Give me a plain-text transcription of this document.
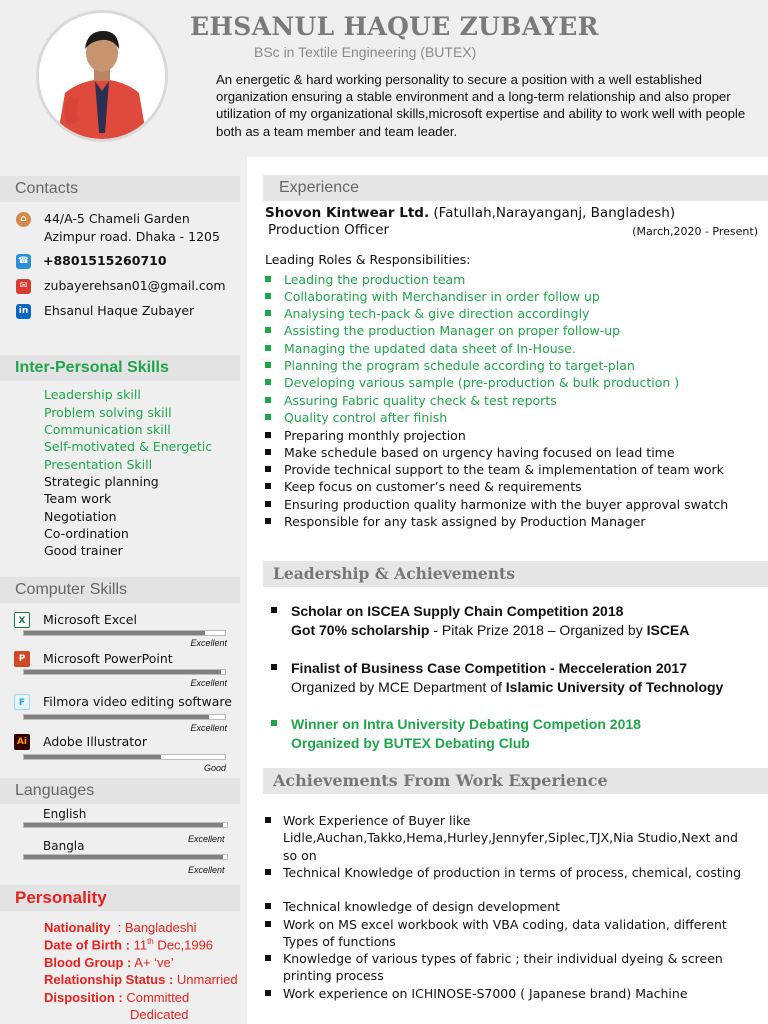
EHSANUL HAQUE ZUBAYER
BSc in Textile Engineering (BUTEX)
An energetic & hard working personality to secure a position with a well established organization ensuring a stable environment and a long-term relationship and also proper utilization of my organizational skills,microsoft expertise and ability to work well with people both as a team member and team leader.
Contacts
⌂	44/A-5 Chameli Garden
Azimpur road. Dhaka - 1205
☎ +8801515260710
✉ zubayerehsan01@gmail.com
in Ehsanul Haque Zubayer
Inter-Personal Skills
Leadership skill
Problem solving skill
Communication skill
Self-motivated & Energetic
Presentation Skill
Strategic planning
Team work
Negotiation
Co-ordination
Good trainer
Computer Skills
X	Microsoft Excel
Excellent
P	Microsoft PowerPoint
Excellent
F	Filmora video editing software
Excellent
Ai Adobe Illustrator
Good
Languages
English
Excellent
Bangla
Excellent
Personality
Nationality  : Bangladeshi
Date of Birth : 11th Dec,1996
Blood Group : A+ ‘ve’
Relationship Status : Unmarried
Disposition : Committed
Dedicated
Experience
Shovon Kintwear Ltd. (Fatullah,Narayanganj, Bangladesh)
Production Officer	(March,2020 - Present)
Leading Roles & Responsibilities:
Leading the production team
Collaborating with Merchandiser in order follow up
Analysing tech-pack & give direction accordingly
Assisting the production Manager on proper follow-up
Managing the updated data sheet of In-House.
Planning the program schedule according to target-plan
Developing various sample (pre-production & bulk production )
Assuring Fabric quality check & test reports
Quality control after finish
Preparing monthly projection
Make schedule based on urgency having focused on lead time
Provide technical support to the team & implementation of team work
Keep focus on customer’s need & requirements
Ensuring production quality harmonize with the buyer approval swatch
Responsible for any task assigned by Production Manager
Leadership & Achievements
Scholar on ISCEA Supply Chain Competition 2018
Got 70% scholarship - Pitak Prize 2018 – Organized by ISCEA
Finalist of Business Case Competition - Mecceleration 2017
Organized by MCE Department of Islamic University of Technology
Winner on Intra University Debating Competion 2018
Organized by BUTEX Debating Club
Achievements From Work Experience
Work Experience of Buyer like Lidle,Auchan,Takko,Hema,Hurley,Jennyfer,Siplec,TJX,Nia Studio,Next and so on
Technical Knowledge of production in terms of process, chemical, costing
Technical knowledge of design development
Work on MS excel workbook with VBA coding, data validation, different Types of functions
Knowledge of various types of fabric ; their individual dyeing & screen printing process
Work experience on ICHINOSE-S7000 ( Japanese brand) Machine
